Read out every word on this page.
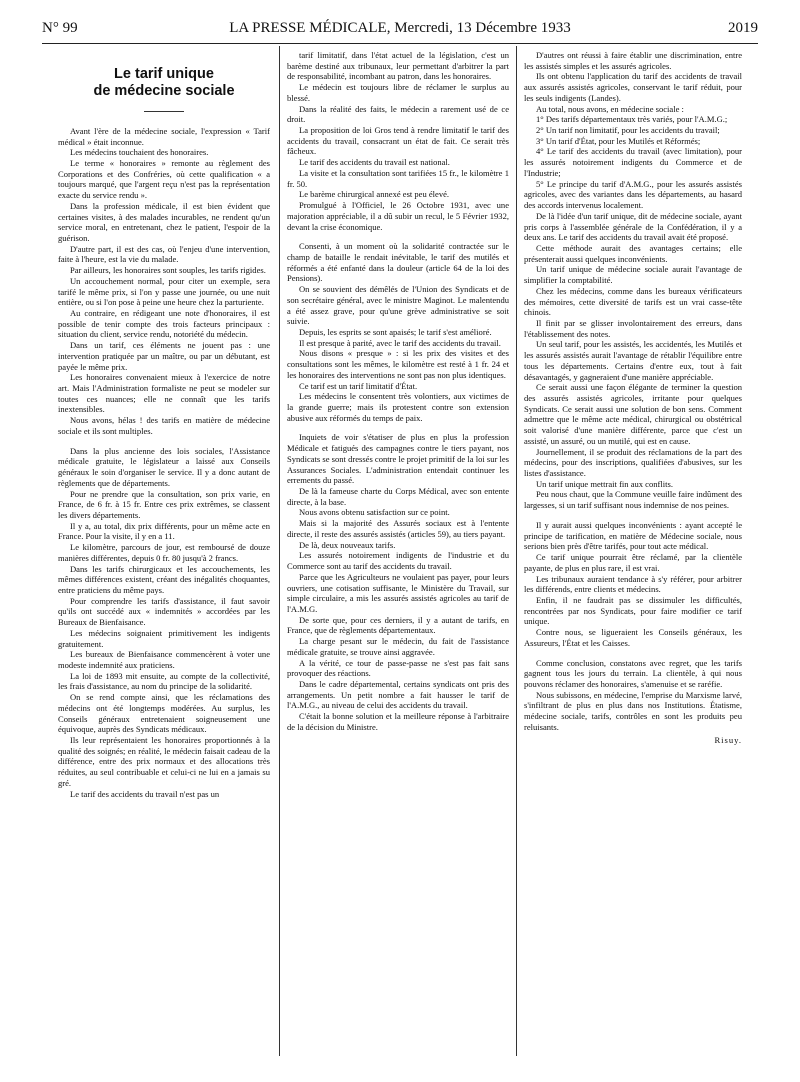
N° 99	LA PRESSE MÉDICALE, Mercredi, 13 Décembre 1933	2019
Le tarif unique
de médecine sociale

Avant l'ère de la médecine sociale, l'expression « Tarif médical » était inconnue.

Les médecins touchaient des honoraires.

Le terme « honoraires » remonte au règlement des Corporations et des Confréries, où cette qualification « a toujours marqué, que l'argent reçu n'est pas la représentation exacte du service rendu ».

Dans la profession médicale, il est bien évident que certaines visites, à des malades incurables, ne rendent qu'un service moral, en entretenant, chez le patient, l'espoir de la guérison.

D'autre part, il est des cas, où l'enjeu d'une intervention, faite à l'heure, est la vie du malade.

Par ailleurs, les honoraires sont souples, les tarifs rigides.

Un accouchement normal, pour citer un exemple, sera tarifé le même prix, si l'on y passe une journée, ou une nuit entière, ou si l'on pose à peine une heure chez la parturiente.

Au contraire, en rédigeant une note d'honoraires, il est possible de tenir compte des trois facteurs principaux : situation du client, service rendu, notoriété du médecin.

Dans un tarif, ces éléments ne jouent pas : une intervention pratiquée par un maître, ou par un débutant, est payée le même prix.

Les honoraires convenaient mieux à l'exercice de notre art. Mais l'Administration formaliste ne peut se modeler sur toutes ces nuances; elle ne connaît que les tarifs inextensibles.

Nous avons, hélas ! des tarifs en matière de médecine sociale et ils sont multiples.

Dans la plus ancienne des lois sociales, l'Assistance médicale gratuite, le législateur a laissé aux Conseils généraux le soin d'organiser le service. Il y a donc autant de règlements que de départements.

Pour ne prendre que la consultation, son prix varie, en France, de 6 fr. à 15 fr. Entre ces prix extrêmes, se classent les divers départements.

Il y a, au total, dix prix différents, pour un même acte en France. Pour la visite, il y en a 11.

Le kilomètre, parcours de jour, est remboursé de douze manières différentes, depuis 0 fr. 80 jusqu'à 2 francs.

Dans les tarifs chirurgicaux et les accouchements, les mêmes différences existent, créant des inégalités choquantes, entre praticiens du même pays.

Pour comprendre les tarifs d'assistance, il faut savoir qu'ils ont succédé aux « indemnités » accordées par les Bureaux de Bienfaisance.

Les médecins soignaient primitivement les indigents gratuitement.

Les bureaux de Bienfaisance commencèrent à voter une modeste indemnité aux praticiens.

La loi de 1893 mit ensuite, au compte de la collectivité, les frais d'assistance, au nom du principe de la solidarité.

On se rend compte ainsi, que les réclamations des médecins ont été longtemps modérées. Au surplus, les Conseils généraux entretenaient soigneusement une équivoque, auprès des Syndicats médicaux.

Ils leur représentaient les honoraires proportionnés à la qualité des soignés; en réalité, le médecin faisait cadeau de la différence, entre des prix normaux et des allocations très réduites, au seul contribuable et celui-ci ne lui en a jamais su gré.

Le tarif des accidents du travail n'est pas un

tarif limitatif, dans l'état actuel de la législation, c'est un barème destiné aux tribunaux, leur permettant d'arbitrer la part de responsabilité, incombant au patron, dans les honoraires.

Le médecin est toujours libre de réclamer le surplus au blessé.

Dans la réalité des faits, le médecin a rarement usé de ce droit.

La proposition de loi Gros tend à rendre limitatif le tarif des accidents du travail, consacrant un état de fait. Ce serait très fâcheux.

Le tarif des accidents du travail est national.

La visite et la consultation sont tarifiées 15 fr., le kilomètre 1 fr. 50.

Le barème chirurgical annexé est peu élevé.

Promulgué à l'Officiel, le 26 Octobre 1931, avec une majoration appréciable, il a dû subir un recul, le 5 Février 1932, devant la crise économique.

Consenti, à un moment où la solidarité contractée sur le champ de bataille le rendait inévitable, le tarif des mutilés et réformés a été enfanté dans la douleur (article 64 de la loi des Pensions).

On se souvient des démêlés de l'Union des Syndicats et de son secrétaire général, avec le ministre Maginot. Le malentendu a été assez grave, pour qu'une grève administrative se soit suivie.

Depuis, les esprits se sont apaisés; le tarif s'est amélioré.

Il est presque à parité, avec le tarif des accidents du travail.

Nous disons « presque » : si les prix des visites et des consultations sont les mêmes, le kilomètre est resté à 1 fr. 24 et les honoraires des interventions ne sont pas non plus identiques.

Ce tarif est un tarif limitatif d'État.

Les médecins le consentent très volontiers, aux victimes de la grande guerre; mais ils protestent contre son extension abusive aux réformés du temps de paix.

Inquiets de voir s'étatiser de plus en plus la profession Médicale et fatigués des campagnes contre le tiers payant, nos Syndicats se sont dressés contre le projet primitif de la loi sur les Assurances Sociales. L'administration entendait continuer les errements du passé.

De là la fameuse charte du Corps Médical, avec son entente directe, à la base.

Nous avons obtenu satisfaction sur ce point.

Mais si la majorité des Assurés sociaux est à l'entente directe, il reste des assurés assistés (articles 59), au tiers payant.

De là, deux nouveaux tarifs.

Les assurés notoirement indigents de l'industrie et du Commerce sont au tarif des accidents du travail.

Parce que les Agriculteurs ne voulaient pas payer, pour leurs ouvriers, une cotisation suffisante, le Ministère du Travail, sur simple circulaire, a mis les assurés assistés agricoles au tarif de l'A.M.G.

De sorte que, pour ces derniers, il y a autant de tarifs, en France, que de règlements départementaux.

La charge pesant sur le médecin, du fait de l'assistance médicale gratuite, se trouve ainsi aggravée.

A la vérité, ce tour de passe-passe ne s'est pas fait sans provoquer des réactions.

Dans le cadre départemental, certains syndicats ont pris des arrangements. Un petit nombre a fait hausser le tarif de l'A.M.G., au niveau de celui des accidents du travail.

C'était la bonne solution et la meilleure réponse à l'arbitraire de la décision du Ministre.

D'autres ont réussi à faire établir une discrimination, entre les assistés simples et les assurés agricoles.

Ils ont obtenu l'application du tarif des accidents de travail aux assurés assistés agricoles, conservant le tarif réduit, pour les seuls indigents (Landes).

Au total, nous avons, en médecine sociale :

1° Des tarifs départementaux très variés, pour l'A.M.G.;

2° Un tarif non limitatif, pour les accidents du travail;

3° Un tarif d'État, pour les Mutilés et Réformés;

4° Le tarif des accidents du travail (avec limitation), pour les assurés notoirement indigents du Commerce et de l'Industrie;

5° Le principe du tarif d'A.M.G., pour les assurés assistés agricoles, avec des variantes dans les départements, au hasard des accords intervenus localement.

De là l'idée d'un tarif unique, dit de médecine sociale, ayant pris corps à l'assemblée générale de la Confédération, il y a deux ans. Le tarif des accidents du travail avait été proposé.

Cette méthode aurait des avantages certains; elle présenterait aussi quelques inconvénients.

Un tarif unique de médecine sociale aurait l'avantage de simplifier la comptabilité.

Chez les médecins, comme dans les bureaux vérificateurs des mémoires, cette diversité de tarifs est un vrai casse-tête chinois.

Il finit par se glisser involontairement des erreurs, dans l'établissement des notes.

Un seul tarif, pour les assistés, les accidentés, les Mutilés et les assurés assistés aurait l'avantage de rétablir l'équilibre entre tous les départements. Certains d'entre eux, tout à fait désavantagés, y gagneraient d'une manière appréciable.

Ce serait aussi une façon élégante de terminer la question des assurés assistés agricoles, irritante pour quelques Syndicats. Ce serait aussi une solution de bon sens. Comment admettre que le même acte médical, chirurgical ou obstétrical soit valorisé d'une manière différente, parce que c'est un assisté, un assuré, ou un mutilé, qui est en cause.

Journellement, il se produit des réclamations de la part des médecins, pour des inscriptions, qualifiées d'abusives, sur les listes d'assistance.

Un tarif unique mettrait fin aux conflits.

Peu nous chaut, que la Commune veuille faire indûment des largesses, si un tarif suffisant nous indemnise de nos peines.

Il y aurait aussi quelques inconvénients : ayant accepté le principe de tarification, en matière de Médecine sociale, nous serions bien près d'être tarifés, pour tout acte médical.

Ce tarif unique pourrait être réclamé, par la clientèle payante, de plus en plus rare, il est vrai.

Les tribunaux auraient tendance à s'y référer, pour arbitrer les différends, entre clients et médecins.

Enfin, il ne faudrait pas se dissimuler les difficultés, rencontrées par nos Syndicats, pour faire modifier ce tarif unique.

Contre nous, se ligueraient les Conseils généraux, les Assureurs, l'État et les Caisses.

Comme conclusion, constatons avec regret, que les tarifs gagnent tous les jours du terrain. La clientèle, à qui nous pouvons réclamer des honoraires, s'amenuise et se raréfie.

Nous subissons, en médecine, l'emprise du Marxisme larvé, s'infiltrant de plus en plus dans nos Institutions. Étatisme, médecine sociale, tarifs, contrôles en sont les produits peu reluisants.

Risuy.
